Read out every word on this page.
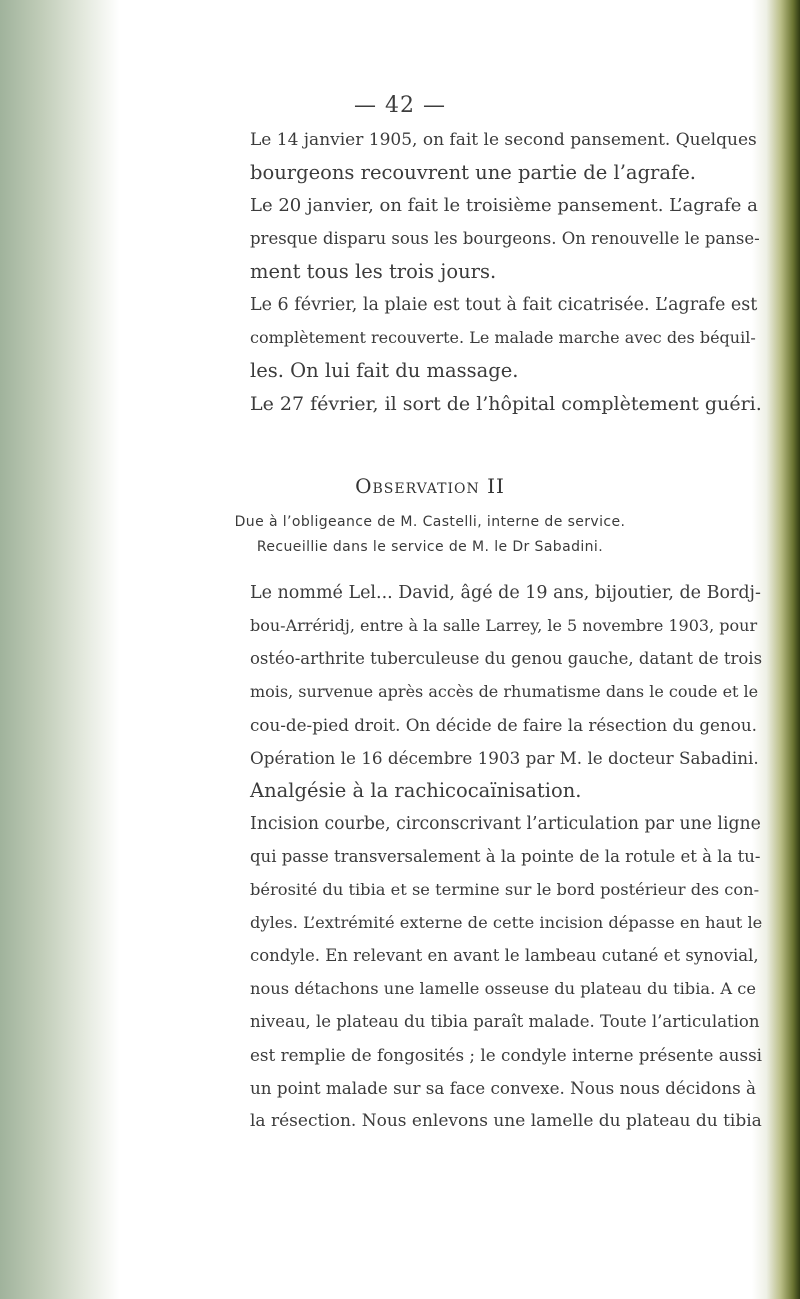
— 42 —
Le 14 janvier 1905, on fait le second pansement. Quelques
bourgeons recouvrent une partie de l’agrafe.
Le 20 janvier, on fait le troisième pansement. L’agrafe a
presque disparu sous les bourgeons. On renouvelle le panse-
ment tous les trois jours.
Le 6 février, la plaie est tout à fait cicatrisée. L’agrafe est
complètement recouverte. Le malade marche avec des béquil-
les. On lui fait du massage.
Le 27 février, il sort de l’hôpital complètement guéri.
Observation II
Due à l’obligeance de M. Castelli, interne de service.
Recueillie dans le service de M. le Dr Sabadini.
Le nommé Lel... David, âgé de 19 ans, bijoutier, de Bordj-
bou-Arréridj, entre à la salle Larrey, le 5 novembre 1903, pour
ostéo-arthrite tuberculeuse du genou gauche, datant de trois
mois, survenue après accès de rhumatisme dans le coude et le
cou-de-pied droit. On décide de faire la résection du genou.
Opération le 16 décembre 1903 par M. le docteur Sabadini.
Analgésie à la rachicocaïnisation.
Incision courbe, circonscrivant l’articulation par une ligne
qui passe transversalement à la pointe de la rotule et à la tu-
bérosité du tibia et se termine sur le bord postérieur des con-
dyles. L’extrémité externe de cette incision dépasse en haut le
condyle. En relevant en avant le lambeau cutané et synovial,
nous détachons une lamelle osseuse du plateau du tibia. A ce
niveau, le plateau du tibia paraît malade. Toute l’articulation
est remplie de fongosités ; le condyle interne présente aussi
un point malade sur sa face convexe. Nous nous décidons à
la résection. Nous enlevons une lamelle du plateau du tibia
